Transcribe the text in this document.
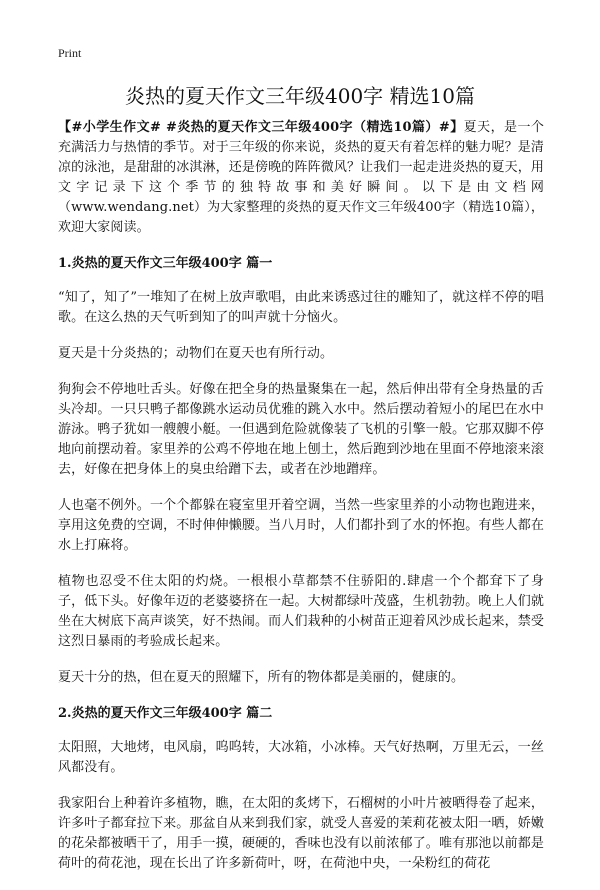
Print
炎热的夏天作文三年级400字 精选10篇

【#小学生作文# #炎热的夏天作文三年级400字（精选10篇）#】夏天，是一个充满活力与热情的季节。对于三年级的你来说，炎热的夏天有着怎样的魅力呢？是清凉的泳池，是甜甜的冰淇淋，还是傍晚的阵阵微风？让我们一起走进炎热的夏天，用文字记录下这个季节的独特故事和美好瞬间。以下是由文档网（www.wendang.net）为大家整理的炎热的夏天作文三年级400字（精选10篇），欢迎大家阅读。

1.炎热的夏天作文三年级400字 篇一

“知了，知了”一堆知了在树上放声歌唱，由此来诱惑过往的雕知了，就这样不停的唱歌。在这么热的天气听到知了的叫声就十分恼火。

夏天是十分炎热的；动物们在夏天也有所行动。

狗狗会不停地吐舌头。好像在把全身的热量聚集在一起，然后伸出带有全身热量的舌头冷却。一只只鸭子都像跳水运动员优雅的跳入水中。然后摆动着短小的尾巴在水中游泳。鸭子犹如一艘艘小艇。一但遇到危险就像装了飞机的引擎一般。它那双脚不停地向前摆动着。家里养的公鸡不停地在地上刨土，然后跑到沙地在里面不停地滚来滚去，好像在把身体上的臭虫给蹭下去，或者在沙地蹭痒。

人也毫不例外。一个个都躲在寝室里开着空调，当然一些家里养的小动物也跑进来，享用这免费的空调，不时伸伸懒腰。当八月时，人们都扑到了水的怀抱。有些人都在水上打麻将。

植物也忍受不住太阳的灼烧。一根根小草都禁不住骄阳的.肆虐一个个都耷下了身子，低下头。好像年迈的老婆婆挤在一起。大树都绿叶茂盛，生机勃勃。晚上人们就坐在大树底下高声谈笑，好不热闹。而人们栽种的小树苗正迎着风沙成长起来，禁受这烈日暴雨的考验成长起来。

夏天十分的热，但在夏天的照耀下，所有的物体都是美丽的，健康的。

2.炎热的夏天作文三年级400字 篇二

太阳照，大地烤，电风扇，呜呜转，大冰箱，小冰棒。天气好热啊，万里无云，一丝风都没有。

我家阳台上种着许多植物，瞧，在太阳的炙烤下，石榴树的小叶片被晒得卷了起来，许多叶子都耷拉下来。那盆自从来到我们家，就受人喜爱的茉莉花被太阳一晒，娇嫩的花朵都被晒干了，用手一摸，硬硬的，香味也没有以前浓郁了。唯有那池以前都是荷叶的荷花池，现在长出了许多新荷叶，呀，在荷池中央，一朵粉红的荷花
